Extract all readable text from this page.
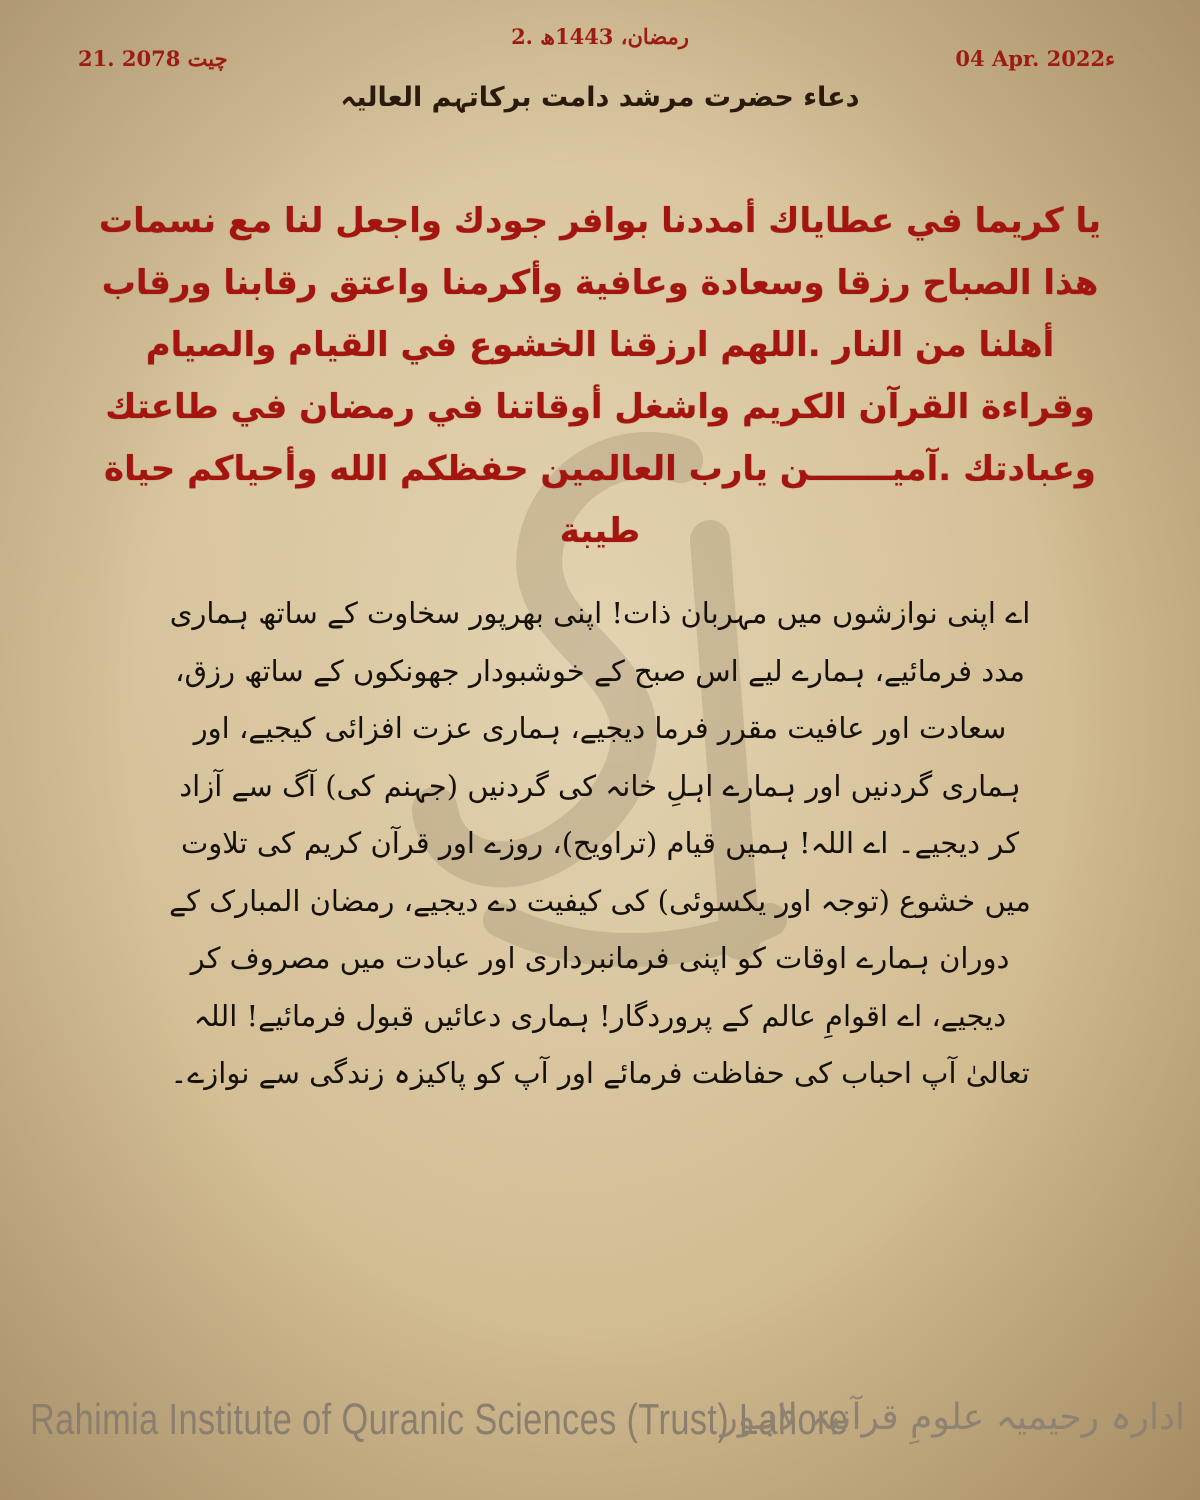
21. چیت 2078
2. رمضان، 1443ھ
04 Apr. 2022ء
دعاء حضرت مرشد دامت برکاتہم العالیہ

يا كريما في عطاياك أمددنا بوافر جودك واجعل لنا مع نسمات هذا الصباح رزقا وسعادة وعافية وأكرمنا واعتق رقابنا ورقاب أهلنا من النار .اللهم ارزقنا الخشوع في القيام والصيام وقراءة القرآن الكريم واشغل أوقاتنا في رمضان في طاعتك وعبادتك .آميـــــــن يارب العالمين حفظكم الله وأحياكم حياة طيبة

اے اپنی نوازشوں میں مہربان ذات! اپنی بھرپور سخاوت کے ساتھ ہماری مدد فرمائیے، ہمارے لیے اس صبح کے خوشبودار جھونکوں کے ساتھ رزق، سعادت اور عافیت مقرر فرما دیجیے، ہماری عزت افزائی کیجیے، اور ہماری گردنیں اور ہمارے اہلِ خانہ کی گردنیں (جہنم کی) آگ سے آزاد کر دیجیے۔ اے اللہ! ہمیں قیام (تراویح)، روزے اور قرآن کریم کی تلاوت میں خشوع (توجہ اور یکسوئی) کی کیفیت دے دیجیے، رمضان المبارک کے دوران ہمارے اوقات کو اپنی فرمانبرداری اور عبادت میں مصروف کر دیجیے، اے اقوامِ عالم کے پروردگار! ہماری دعائیں قبول فرمائیے! اللہ تعالیٰ آپ احباب کی حفاظت فرمائے اور آپ کو پاکیزہ زندگی سے نوازے۔

Rahimia Institute of Quranic Sciences (Trust) Lahore
ادارہ رحیمیہ علومِ قرآنیہ لاہور
